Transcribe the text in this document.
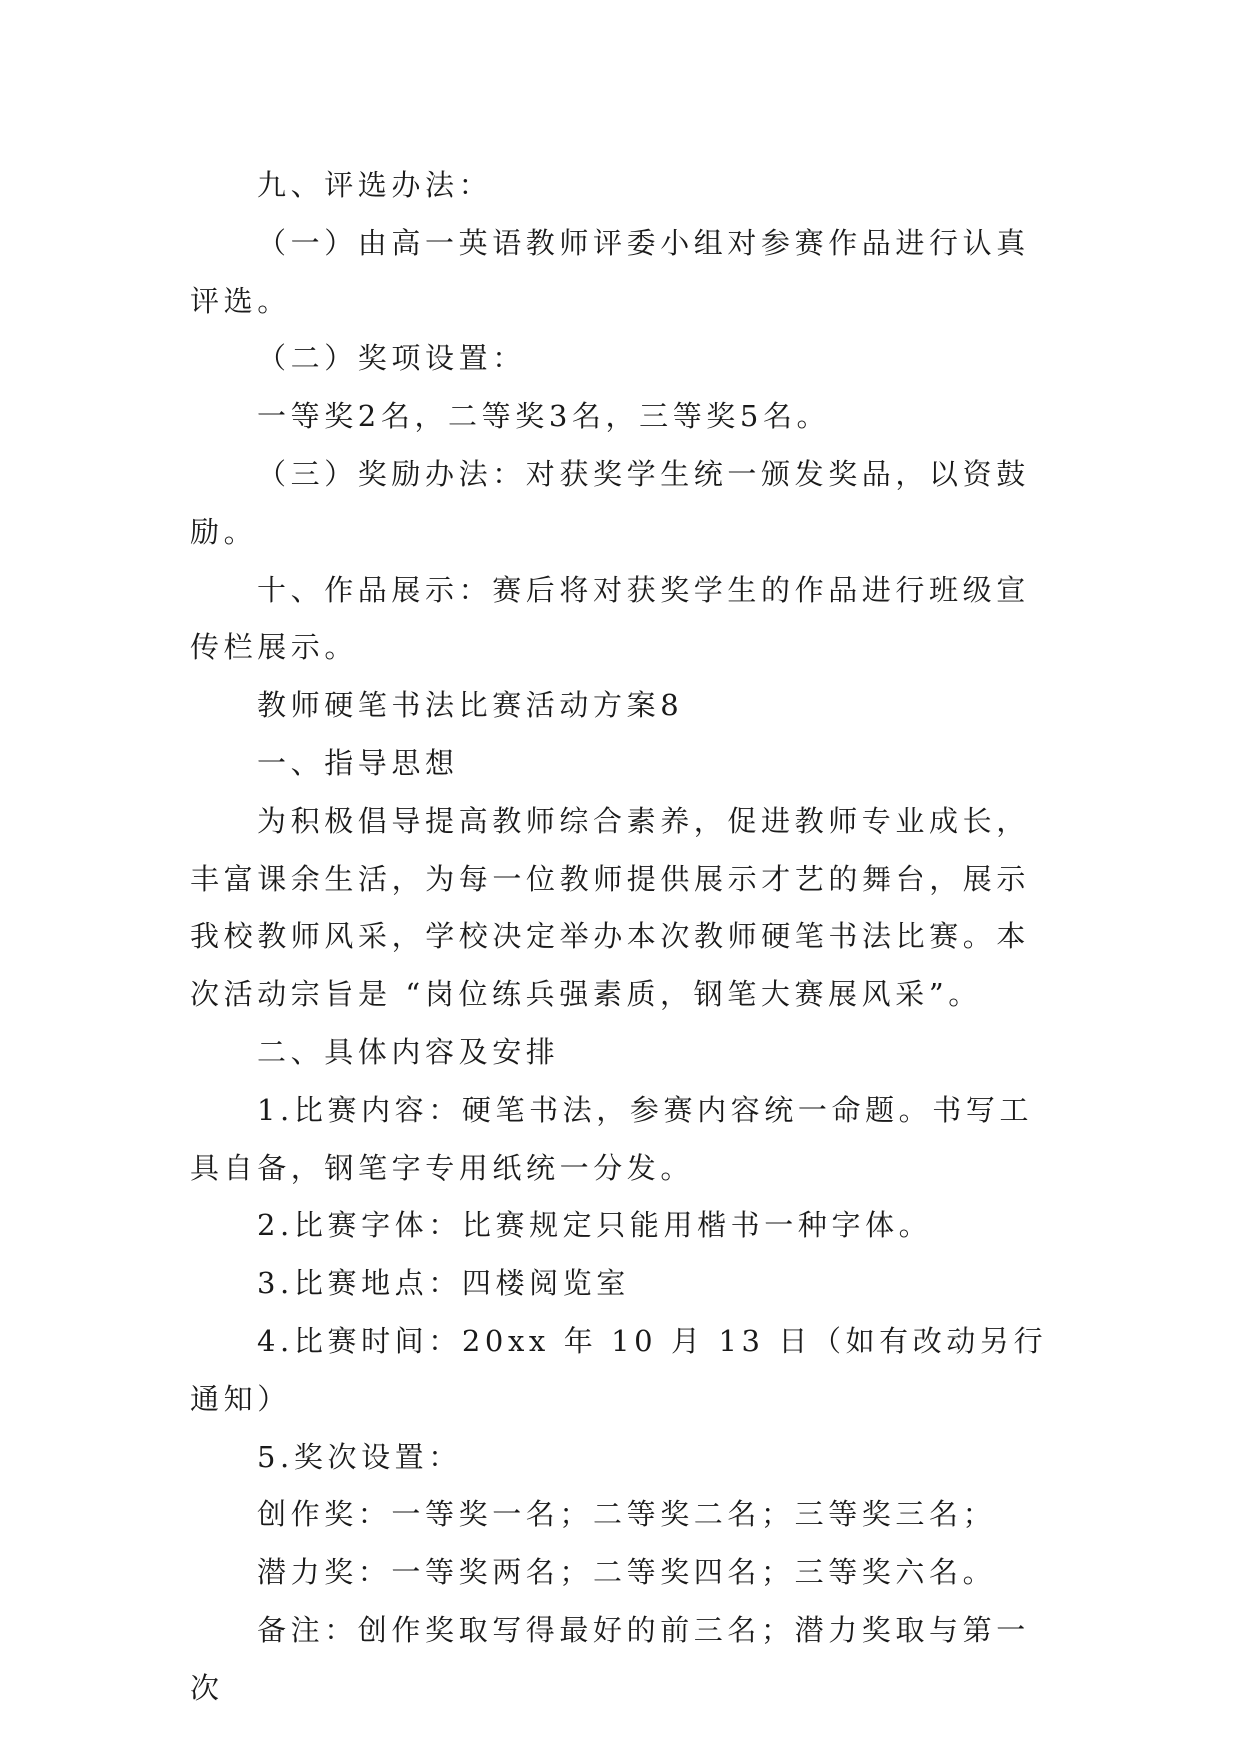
九、评选办法：

（一）由高一英语教师评委小组对参赛作品进行认真评选。

（二）奖项设置：

一等奖2名，二等奖3名，三等奖5名。

（三）奖励办法：对获奖学生统一颁发奖品，以资鼓励。

十、作品展示：赛后将对获奖学生的作品进行班级宣传栏展示。

教师硬笔书法比赛活动方案8

一、指导思想

为积极倡导提高教师综合素养，促进教师专业成长，丰富课余生活，为每一位教师提供展示才艺的舞台，展示我校教师风采，学校决定举办本次教师硬笔书法比赛。本次活动宗旨是 “岗位练兵强素质，钢笔大赛展风采”。

二、具体内容及安排

1.比赛内容：硬笔书法，参赛内容统一命题。书写工具自备，钢笔字专用纸统一分发。

2.比赛字体：比赛规定只能用楷书一种字体。

3.比赛地点：四楼阅览室

4.比赛时间：20xx 年 10 月 13 日（如有改动另行通知）

5.奖次设置：

创作奖：一等奖一名；二等奖二名；三等奖三名；

潜力奖：一等奖两名；二等奖四名；三等奖六名。

备注：创作奖取写得最好的前三名；潜力奖取与第一次
